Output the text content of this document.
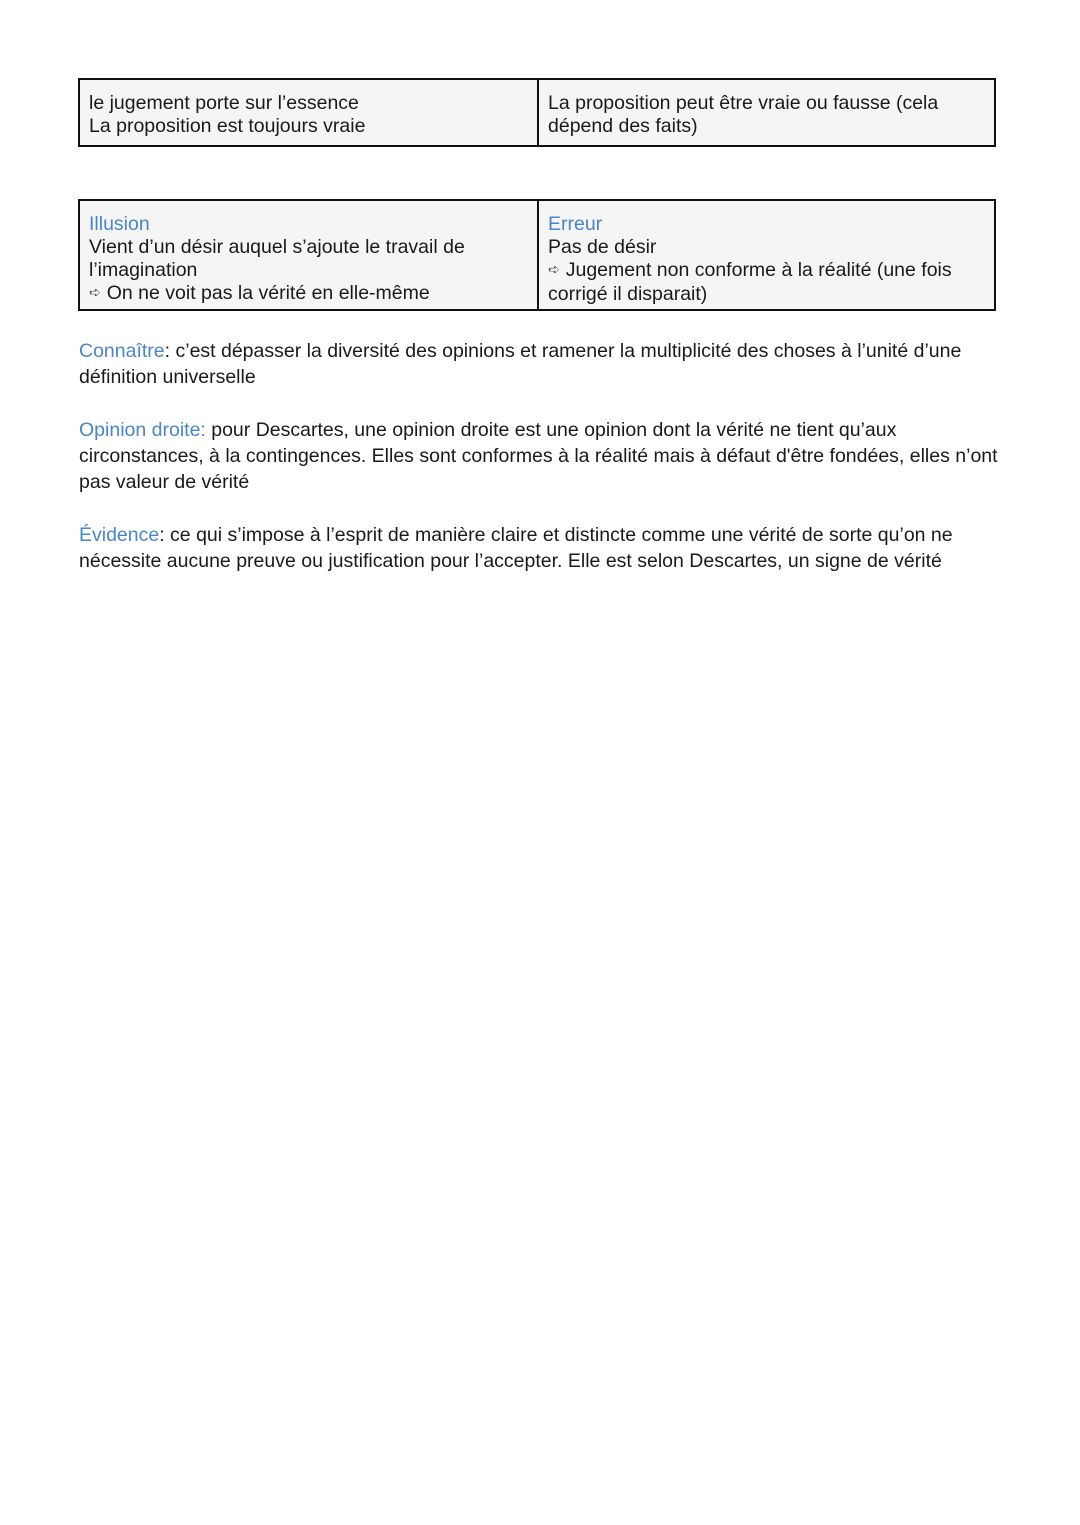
le jugement porte sur l’essence
La proposition est toujours vraie
La proposition peut être vraie ou fausse (cela
dépend des faits)
Illusion
Vient d’un désir auquel s’ajoute le travail de
l’imagination
➪ On ne voit pas la vérité en elle-même
Erreur
Pas de désir
➪ Jugement non conforme à la réalité (une fois
corrigé il disparait)

Connaître: c’est dépasser la diversité des opinions et ramener la multiplicité des choses à l’unité d’une définition universelle

Opinion droite: pour Descartes, une opinion droite est une opinion dont la vérité ne tient qu’aux circonstances, à la contingences. Elles sont conformes à la réalité mais à défaut d'être fondées, elles n’ont pas valeur de vérité

Évidence: ce qui s’impose à l’esprit de manière claire et distincte comme une vérité de sorte qu’on ne nécessite aucune preuve ou justification pour l’accepter. Elle est selon Descartes, un signe de vérité
